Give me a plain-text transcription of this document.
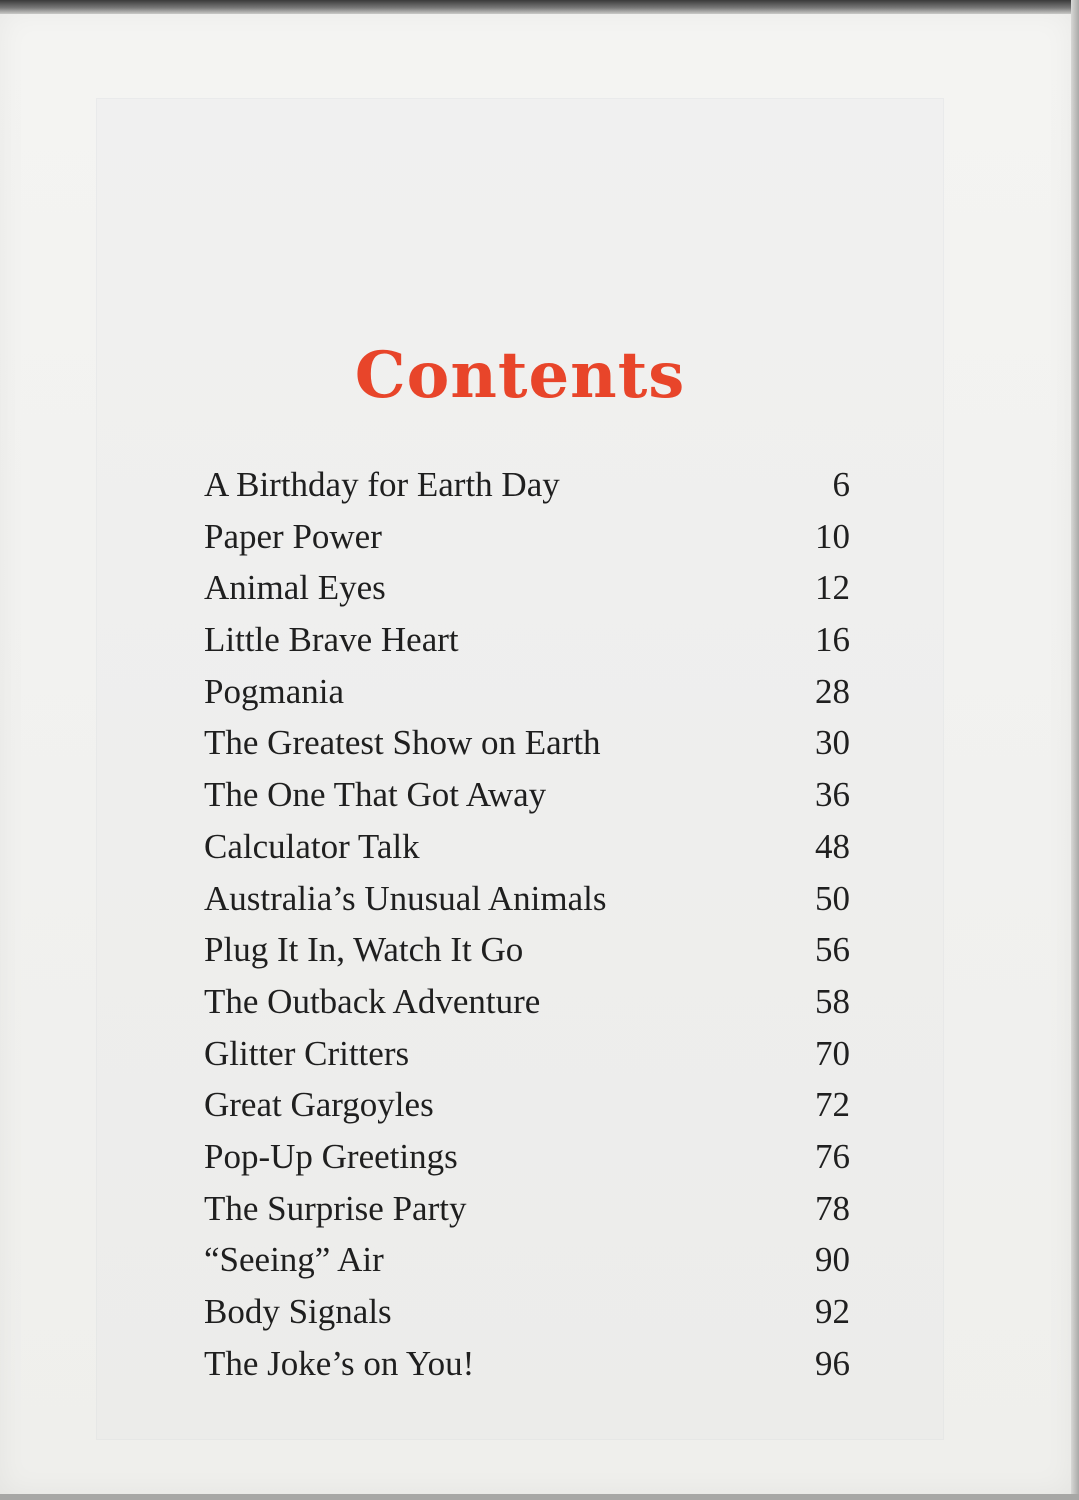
Contents
A Birthday for Earth Day	6
Paper Power	10
Animal Eyes	12
Little Brave Heart	16
Pogmania	28
The Greatest Show on Earth	30
The One That Got Away	36
Calculator Talk	48
Australia’s Unusual Animals	50
Plug It In, Watch It Go	56
The Outback Adventure	58
Glitter Critters	70
Great Gargoyles	72
Pop-Up Greetings	76
The Surprise Party	78
“Seeing” Air	90
Body Signals	92
The Joke’s on You!	96
